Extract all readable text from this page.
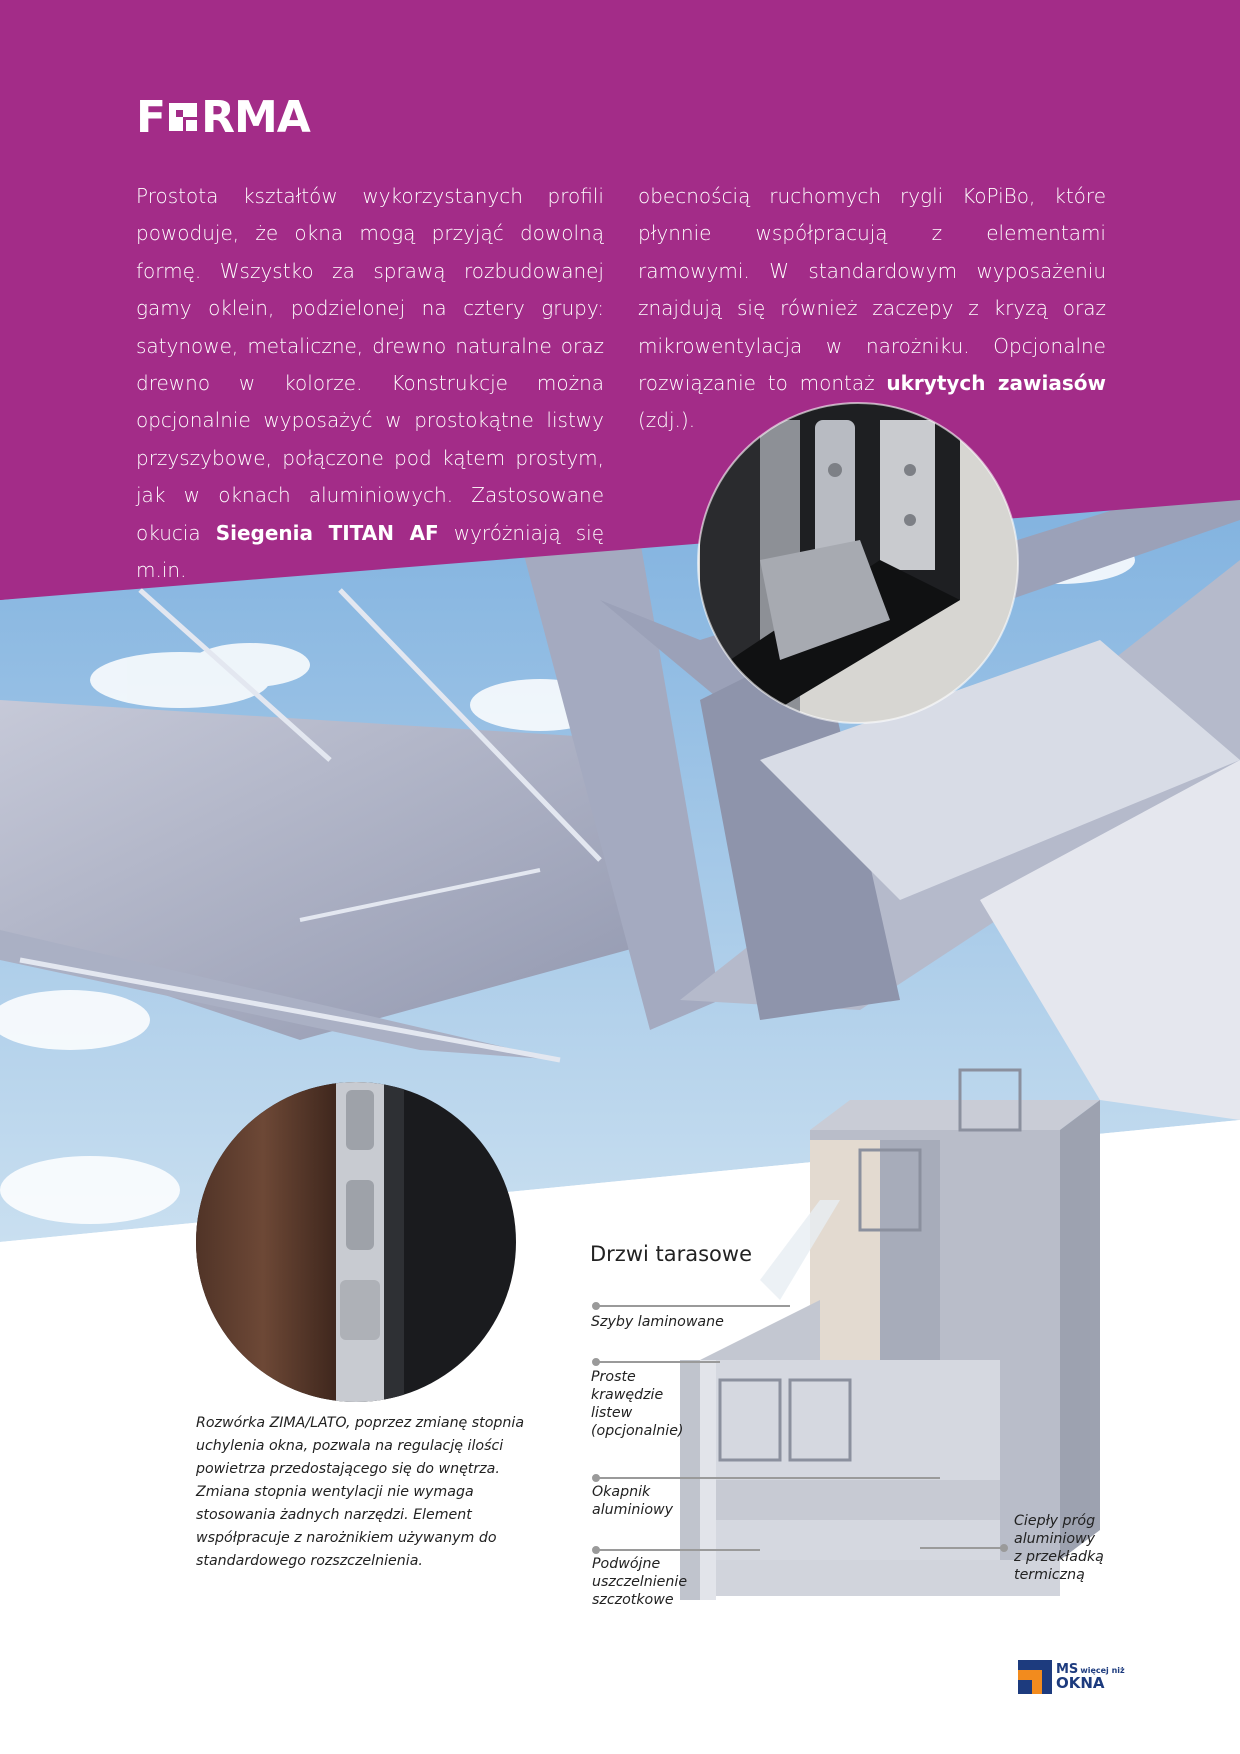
F RMA
Prostota kształtów wykorzystanych profili powoduje, że okna mogą przyjąć dowolną formę. Wszystko za sprawą rozbudowanej gamy oklein, podzielonej na cztery grupy: satynowe, metaliczne, drewno naturalne oraz drewno w kolorze. Konstrukcje można opcjonalnie wyposażyć w prostokątne listwy przyszybowe, połączone pod kątem prostym, jak w oknach aluminiowych. Zastosowane okucia Siegenia TITAN AF wyróżniają się m.in.
obecnością ruchomych rygli KoPiBo, które płynnie współpracują z elementami ramowymi. W standardowym wyposażeniu znajdują się również zaczepy z kryzą oraz mikrowentylacja w narożniku. Opcjonalne rozwiązanie to montaż ukrytych zawiasów (zdj.).
Rozwórka ZIMA/LATO, poprzez zmianę stopnia uchylenia okna, pozwala na regulację ilości powietrza przedostającego się do wnętrza. Zmiana stopnia wentylacji nie wymaga stosowania żadnych narzędzi. Element współpracuje z narożnikiem używanym do standardowego rozszczelnienia.
Drzwi tarasowe
Szyby laminowane
Proste
krawędzie
listew
(opcjonalnie)
Okapnik
aluminiowy
Podwójne
uszczelnienie
szczotkowe
Ciepły próg
aluminiowy
z przekładką
termiczną
MS więcej niż
OKNA
